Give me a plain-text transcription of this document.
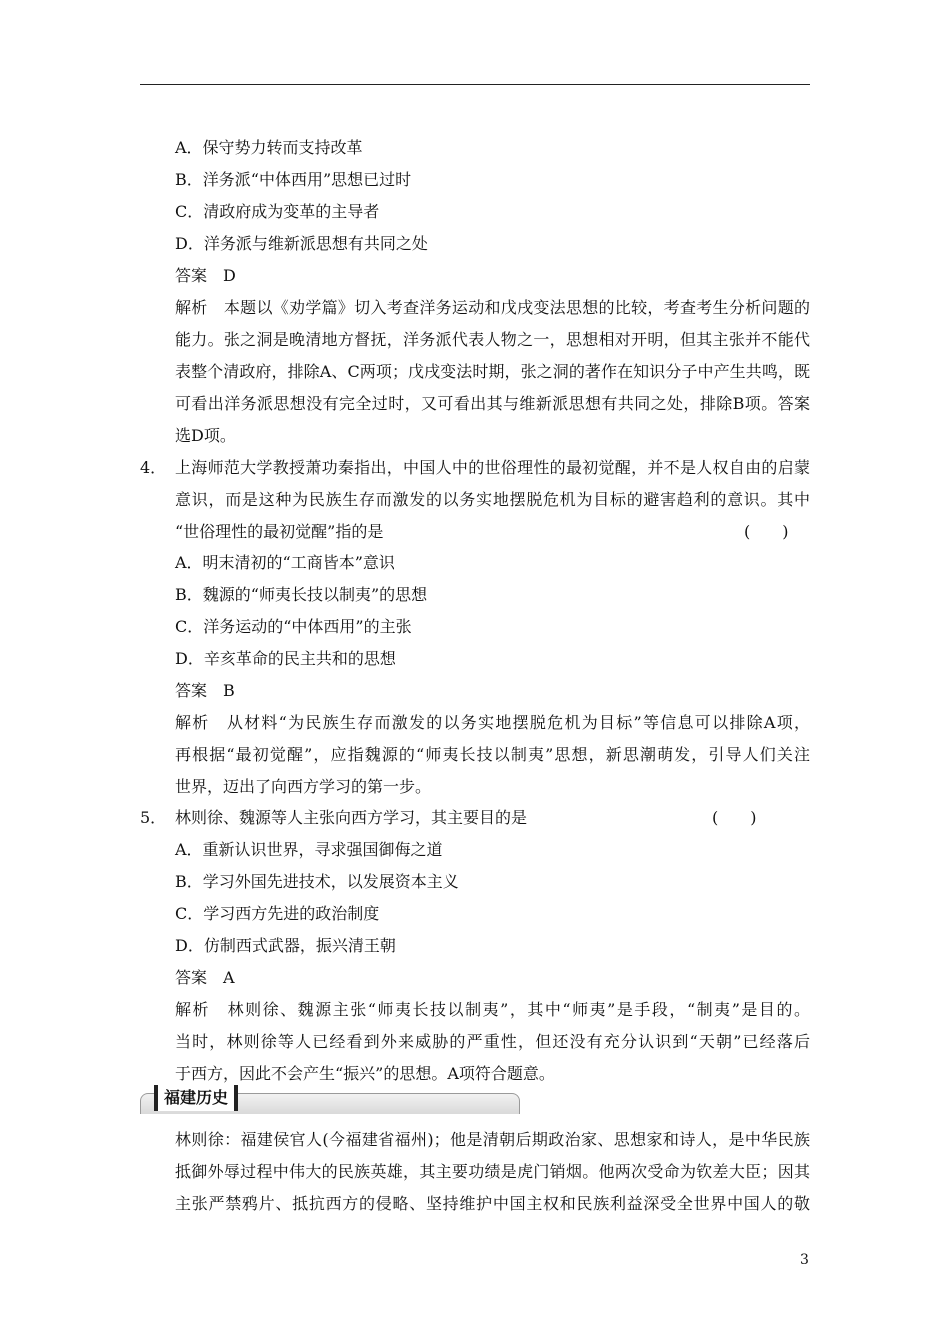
A．保守势力转而支持改革
B．洋务派“中体西用”思想已过时
C．清政府成为变革的主导者
D．洋务派与维新派思想有共同之处
答案　D
解析　本题以《劝学篇》切入考查洋务运动和戊戌变法思想的比较，考查考生分析问题的
能力。张之洞是晚清地方督抚，洋务派代表人物之一，思想相对开明，但其主张并不能代
表整个清政府，排除A、C两项；戊戌变法时期，张之洞的著作在知识分子中产生共鸣，既
可看出洋务派思想没有完全过时，又可看出其与维新派思想有共同之处，排除B项。答案
选D项。
4． 上海师范大学教授萧功秦指出，中国人中的世俗理性的最初觉醒，并不是人权自由的启蒙
意识，而是这种为民族生存而激发的以务实地摆脱危机为目标的避害趋利的意识。其中
“世俗理性的最初觉醒”指的是	(　　)
A．明末清初的“工商皆本”意识
B．魏源的“师夷长技以制夷”的思想
C．洋务运动的“中体西用”的主张
D．辛亥革命的民主共和的思想
答案　B
解析　从材料“为民族生存而激发的以务实地摆脱危机为目标”等信息可以排除A项，
再根据“最初觉醒”，应指魏源的“师夷长技以制夷”思想，新思潮萌发，引导人们关注
世界，迈出了向西方学习的第一步。
5． 林则徐、魏源等人主张向西方学习，其主要目的是	(　　)
A．重新认识世界，寻求强国御侮之道
B．学习外国先进技术，以发展资本主义
C．学习西方先进的政治制度
D．仿制西式武器，振兴清王朝
答案　A
解析　林则徐、魏源主张“师夷长技以制夷”，其中“师夷”是手段，“制夷”是目的。
当时，林则徐等人已经看到外来威胁的严重性，但还没有充分认识到“天朝”已经落后
于西方，因此不会产生“振兴”的思想。A项符合题意。
福建历史
林则徐：福建侯官人(今福建省福州)；他是清朝后期政治家、思想家和诗人，是中华民族
抵御外辱过程中伟大的民族英雄，其主要功绩是虎门销烟。他两次受命为钦差大臣；因其
主张严禁鸦片、抵抗西方的侵略、坚持维护中国主权和民族利益深受全世界中国人的敬
3
